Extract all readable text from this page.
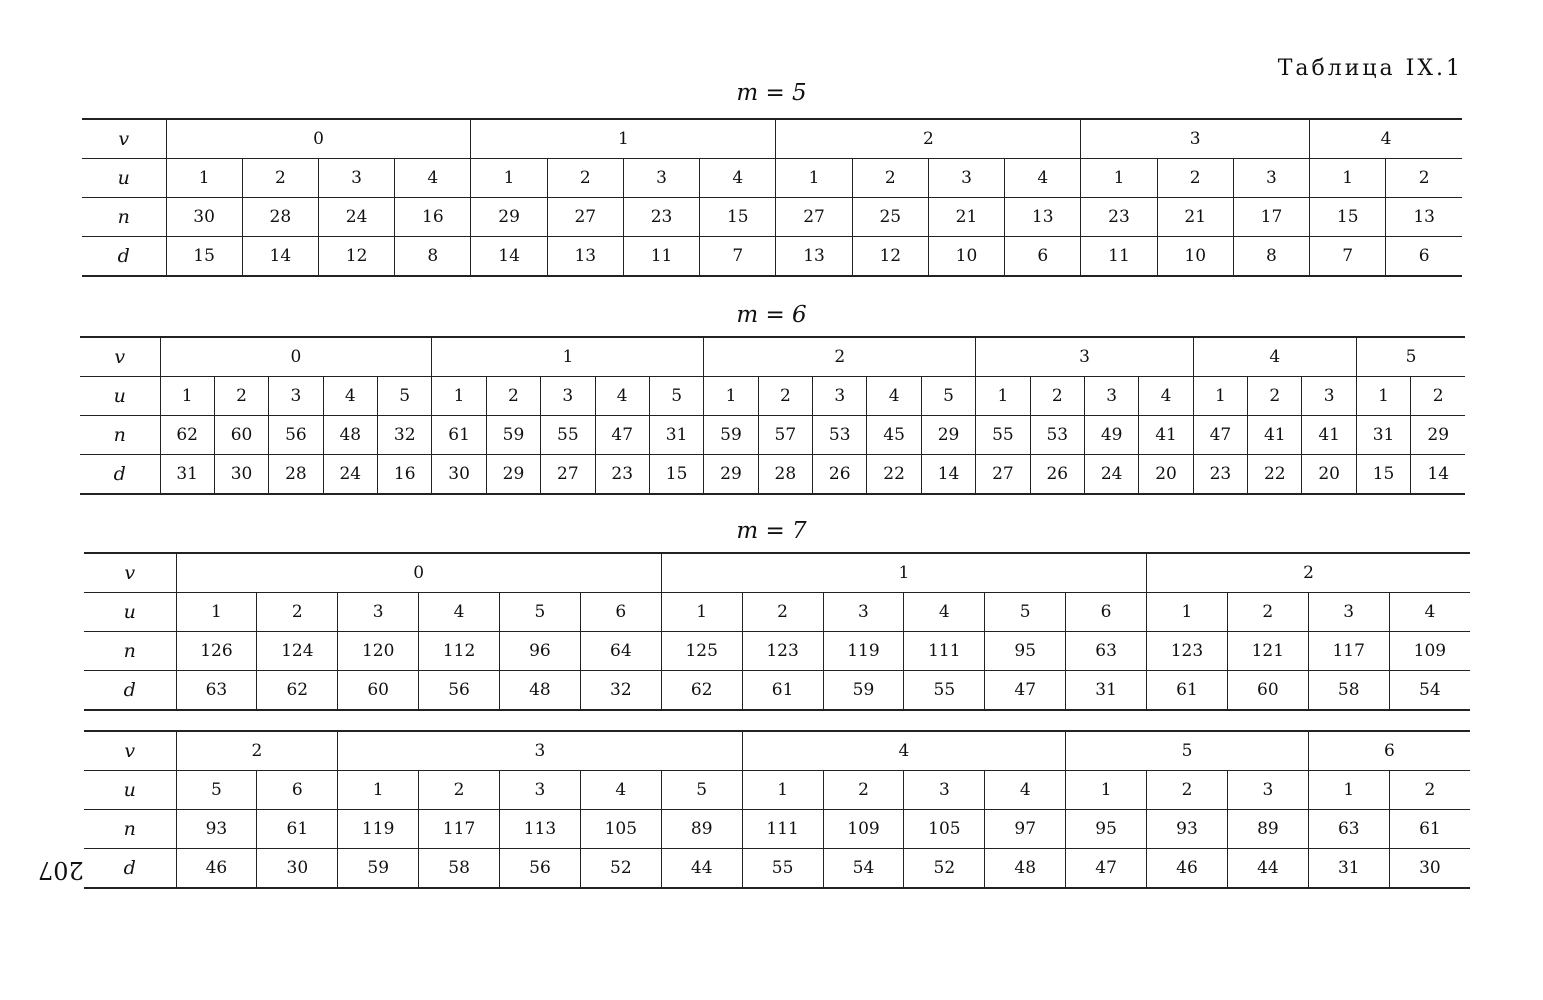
Таблица IX.1
m = 5
v	0				1				2				3			4	
u	1	2	3	4	1	2	3	4	1	2	3	4	1	2	3	1	2
n	30	28	24	16	29	27	23	15	27	25	21	13	23	21	17	15	13
d	15	14	12	8	14	13	11	7	13	12	10	6	11	10	8	7	6
m = 6
v	0					1					2					3				4			5	
u	1	2	3	4	5	1	2	3	4	5	1	2	3	4	5	1	2	3	4	1	2	3	1	2
n	62	60	56	48	32	61	59	55	47	31	59	57	53	45	29	55	53	49	41	47	41	41	31	29
d	31	30	28	24	16	30	29	27	23	15	29	28	26	22	14	27	26	24	20	23	22	20	15	14
m = 7
v	0						1						2			
u	1	2	3	4	5	6	1	2	3	4	5	6	1	2	3	4
n	126	124	120	112	96	64	125	123	119	111	95	63	123	121	117	109
d	63	62	60	56	48	32	62	61	59	55	47	31	61	60	58	54
v	2		3					4				5			6	
u	5	6	1	2	3	4	5	1	2	3	4	1	2	3	1	2
n	93	61	119	117	113	105	89	111	109	105	97	95	93	89	63	61
d	46	30	59	58	56	52	44	55	54	52	48	47	46	44	31	30
207
